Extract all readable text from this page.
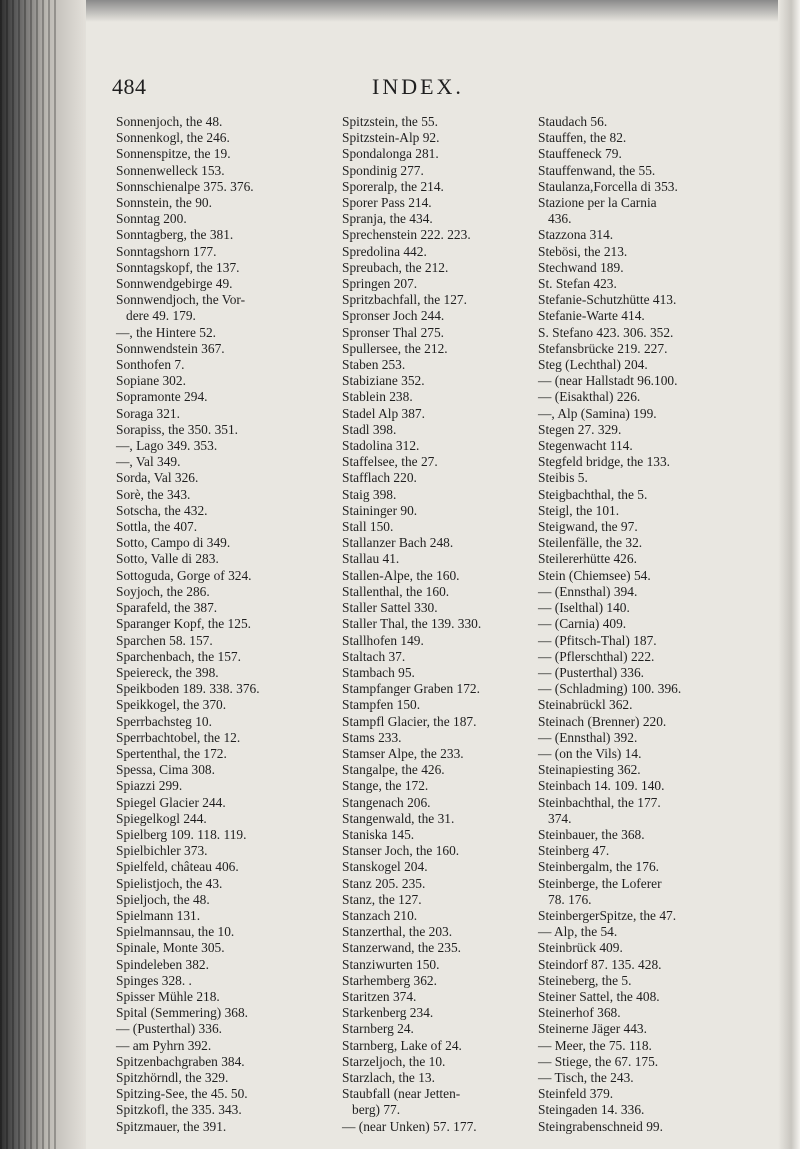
484	INDEX.
Sonnenjoch, the 48.
Sonnenkogl, the 246.
Sonnenspitze, the 19.
Sonnenwelleck 153.
Sonnschienalpe 375. 376.
Sonnstein, the 90.
Sonntag 200.
Sonntagberg, the 381.
Sonntagshorn 177.
Sonntagskopf, the 137.
Sonnwendgebirge 49.
Sonnwendjoch, the Vor-
dere 49. 179.
—, the Hintere 52.
Sonnwendstein 367.
Sonthofen 7.
Sopiane 302.
Sopramonte 294.
Soraga 321.
Sorapiss, the 350. 351.
—, Lago 349. 353.
—, Val 349.
Sorda, Val 326.
Sorè, the 343.
Sotscha, the 432.
Sottla, the 407.
Sotto, Campo di 349.
Sotto, Valle di 283.
Sottoguda, Gorge of 324.
Soyjoch, the 286.
Sparafeld, the 387.
Sparanger Kopf, the 125.
Sparchen 58. 157.
Sparchenbach, the 157.
Speiereck, the 398.
Speikboden 189. 338. 376.
Speikkogel, the 370.
Sperrbachsteg 10.
Sperrbachtobel, the 12.
Spertenthal, the 172.
Spessa, Cima 308.
Spiazzi 299.
Spiegel Glacier 244.
Spiegelkogl 244.
Spielberg 109. 118. 119.
Spielbichler 373.
Spielfeld, château 406.
Spielistjoch, the 43.
Spieljoch, the 48.
Spielmann 131.
Spielmannsau, the 10.
Spinale, Monte 305.
Spindeleben 382.
Spinges 328. .
Spisser Mühle 218.
Spital (Semmering) 368.
— (Pusterthal) 336.
— am Pyhrn 392.
Spitzenbachgraben 384.
Spitzhörndl, the 329.
Spitzing-See, the 45. 50.
Spitzkofl, the 335. 343.
Spitzmauer, the 391.
Spitzstein, the 55.
Spitzstein-Alp 92.
Spondalonga 281.
Spondinig 277.
Sporeralp, the 214.
Sporer Pass 214.
Spranja, the 434.
Sprechenstein 222. 223.
Spredolina 442.
Spreubach, the 212.
Springen 207.
Spritzbachfall, the 127.
Spronser Joch 244.
Spronser Thal 275.
Spullersee, the 212.
Staben 253.
Stabiziane 352.
Stablein 238.
Stadel Alp 387.
Stadl 398.
Stadolina 312.
Staffelsee, the 27.
Stafflach 220.
Staig 398.
Staininger 90.
Stall 150.
Stallanzer Bach 248.
Stallau 41.
Stallen-Alpe, the 160.
Stallenthal, the 160.
Staller Sattel 330.
Staller Thal, the 139. 330.
Stallhofen 149.
Staltach 37.
Stambach 95.
Stampfanger Graben 172.
Stampfen 150.
Stampfl Glacier, the 187.
Stams 233.
Stamser Alpe, the 233.
Stangalpe, the 426.
Stange, the 172.
Stangenach 206.
Stangenwald, the 31.
Staniska 145.
Stanser Joch, the 160.
Stanskogel 204.
Stanz 205. 235.
Stanz, the 127.
Stanzach 210.
Stanzerthal, the 203.
Stanzerwand, the 235.
Stanziwurten 150.
Starhemberg 362.
Staritzen 374.
Starkenberg 234.
Starnberg 24.
Starnberg, Lake of 24.
Starzeljoch, the 10.
Starzlach, the 13.
Staubfall (near Jetten-
berg) 77.
— (near Unken) 57. 177.
Staudach 56.
Stauffen, the 82.
Stauffeneck 79.
Stauffenwand, the 55.
Staulanza,Forcella di 353.
Stazione per la Carnia
436.
Stazzona 314.
Stebösi, the 213.
Stechwand 189.
St. Stefan 423.
Stefanie-Schutzhütte 413.
Stefanie-Warte 414.
S. Stefano 423. 306. 352.
Stefansbrücke 219. 227.
Steg (Lechthal) 204.
— (near Hallstadt 96.100.
— (Eisakthal) 226.
—, Alp (Samina) 199.
Stegen 27. 329.
Stegenwacht 114.
Stegfeld bridge, the 133.
Steibis 5.
Steigbachthal, the 5.
Steigl, the 101.
Steigwand, the 97.
Steilenfälle, the 32.
Steilererhütte 426.
Stein (Chiemsee) 54.
— (Ennsthal) 394.
— (Iselthal) 140.
— (Carnia) 409.
— (Pfitsch-Thal) 187.
— (Pflerschthal) 222.
— (Pusterthal) 336.
— (Schladming) 100. 396.
Steinabrückl 362.
Steinach (Brenner) 220.
— (Ennsthal) 392.
— (on the Vils) 14.
Steinapiesting 362.
Steinbach 14. 109. 140.
Steinbachthal, the 177.
374.
Steinbauer, the 368.
Steinberg 47.
Steinbergalm, the 176.
Steinberge, the Loferer
78. 176.
SteinbergerSpitze, the 47.
— Alp, the 54.
Steinbrück 409.
Steindorf 87. 135. 428.
Steineberg, the 5.
Steiner Sattel, the 408.
Steinerhof 368.
Steinerne Jäger 443.
— Meer, the 75. 118.
— Stiege, the 67. 175.
— Tisch, the 243.
Steinfeld 379.
Steingaden 14. 336.
Steingrabenschneid 99.
